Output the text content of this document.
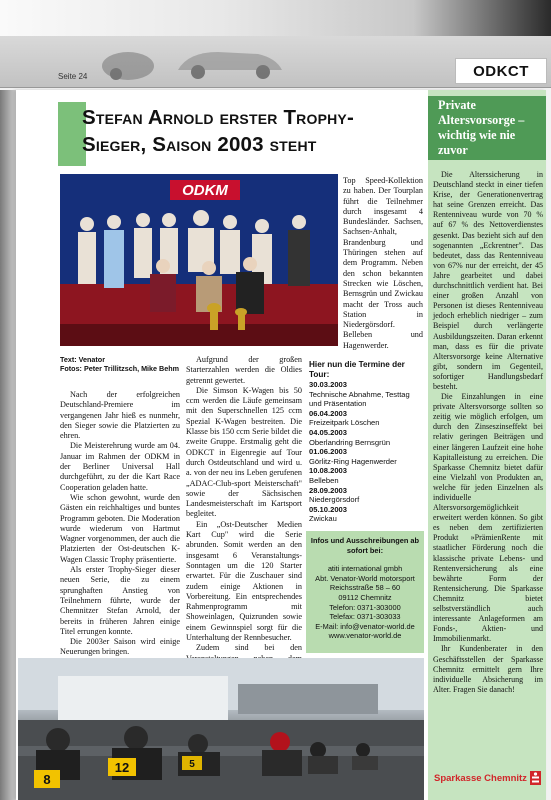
Seite 24	ODKCT
Stefan Arnold erster Trophy-Sieger, Saison 2003 steht
ODKM
Top Speed-Kollektion zu haben. Der Tourplan führt die Teilnehmer durch insgesamt 4 Bundesländer. Sachsen, Sachsen-Anhalt, Brandenburg und Thüringen stehen auf dem Programm. Neben den schon bekannten Strecken wie Löschen, Bernsgrün und Zwickau macht der Tross auch Station in Niedergörsdorf. Belleben und Hagenwerder.
Text: Venator
Fotos: Peter Trillitzsch, Mike Behm

Nach der erfolgreichen Deutschland-Premiere im vergangenen Jahr hieß es nunmehr, den Sieger sowie die Platzierten zu ehren.

Die Meisterehrung wurde am 04. Januar im Rahmen der ODKM in der Berliner Universal Hall durchgeführt, zu der die Kart Race Cooperation geladen hatte.

Wie schon gewohnt, wurde den Gästen ein reichhaltiges und buntes Programm geboten. Die Moderation wurde wiederum von Hartmut Wagner vorgenommen, der auch die Platzierten der Ost-deutschen K-Wagen Classic Trophy präsentierte.

Als erster Trophy-Sieger dieser neuen Serie, die zu einem sprunghaften Anstieg von Teilnehmern führte, wurde der Chemnitzer Stefan Arnold, der bereits in früheren Jahren einige Titel errungen konnte.

Die 2003er Saison wird einige Neuerungen bringen.

Aufgrund der großen Starterzahlen werden die Oldies getrennt gewertet.

Die Simson K-Wagen bis 50 ccm werden die Läufe gemeinsam mit den Superschnellen 125 ccm Spezial K-Wagen bestreiten. Die Klasse bis 150 ccm Serie bildet die zweite Gruppe. Erstmalig geht die ODKCT in Eigenregie auf Tour durch Ostdeutschland und wird u. a. von der neu ins Leben gerufenen „ADAC-Club-sport Meisterschaft" sowie der Sächsischen Landesmeisterschaft im Kartsport begleitet.

Ein „Ost-Deutscher Medien Kart Cup" wird die Serie abrunden. Somit werden an den insgesamt 6 Veranstaltungs-Sonntagen um die 120 Starter erwartet. Für die Zuschauer sind zudem einige Aktionen in Vorbereitung. Ein entsprechendes Rahmenprogramm mit Showeinlagen, Quizrunden sowie einem Gewinnspiel sorgt für die Unterhaltung der Rennbesucher.

Zudem sind bei den

Hier nun die Termine der Tour:
30.03.2003
Technische Abnahme, Testtag und Präsentation
06.04.2003
Freizeitpark Löschen
04.05.2003
Oberlandring Bernsgrün
01.06.2003
Görlitz-Ring Hagenwerder
10.08.2003
Belleben
28.09.2003
Niedergörsdorf
05.10.2003
Zwickau
Infos und Ausschreibungen ab sofort bei:
atiti international gmbh
Abt. Venator-World motorsport
Reichsstraße 58 – 60
09112 Chemnitz
Telefon: 0371-303000
Telefax: 0371-303033
E-Mail: info@venator-world.de
www.venator-world.de
8
12	5
Private Altersvorsorge – wichtig wie nie zuvor

Die Alterssicherung in Deutschland steckt in einer tiefen Krise, der Generationenvertrag hat seine Grenzen erreicht. Das Rentenniveau wurde von 70 % auf 67 % des Nettoverdienstes gesenkt. Das bezieht sich auf den sogenannten „Eckrentner". Das bedeutet, dass das Rentenniveau von 67% nur der erreicht, der 45 Jahre gearbeitet und dabei durchschnittlich verdient hat. Bei einer großen Anzahl von Personen ist dieses Rentenniveau jedoch erheblich niedriger – zum Beispiel durch verlängerte Ausbildungszeiten. Daran erkennt man, dass es für die private Altersvorsorge keine Alternative gibt, sondern im Gegenteil, sofortiger Handlungsbedarf besteht.

Die Einzahlungen in eine private Altersvorsorge sollten so zeitig wie möglich erfolgen, um durch den Zinseszinseffekt bei relativ geringen Beiträgen und einer längeren Laufzeit eine hohe Kapitalleistung zu erreichen. Die Sparkasse Chemnitz bietet dafür eine Vielzahl von Produkten an, welche für jeden Einzelnen als individuelle Altersvorsorgemöglichkeit erweitert werden können. So gibt es neben dem zertifizierten Produkt »PrämienRente mit staatlicher Förderung noch die klassische private Lebens- und Rentenversicherung als eine bewährte Form der Rentensicherung. Die Sparkasse Chemnitz bietet selbstverständlich auch interessante Anlageformen am Fonds-, Aktien- und Immobilienmarkt.

Ihr Kundenberater in den Geschäftsstellen der Sparkasse Chemnitz ermittelt gern Ihre individuelle Absicherung im Alter. Fragen Sie danach!

Sparkasse Chemnitz
